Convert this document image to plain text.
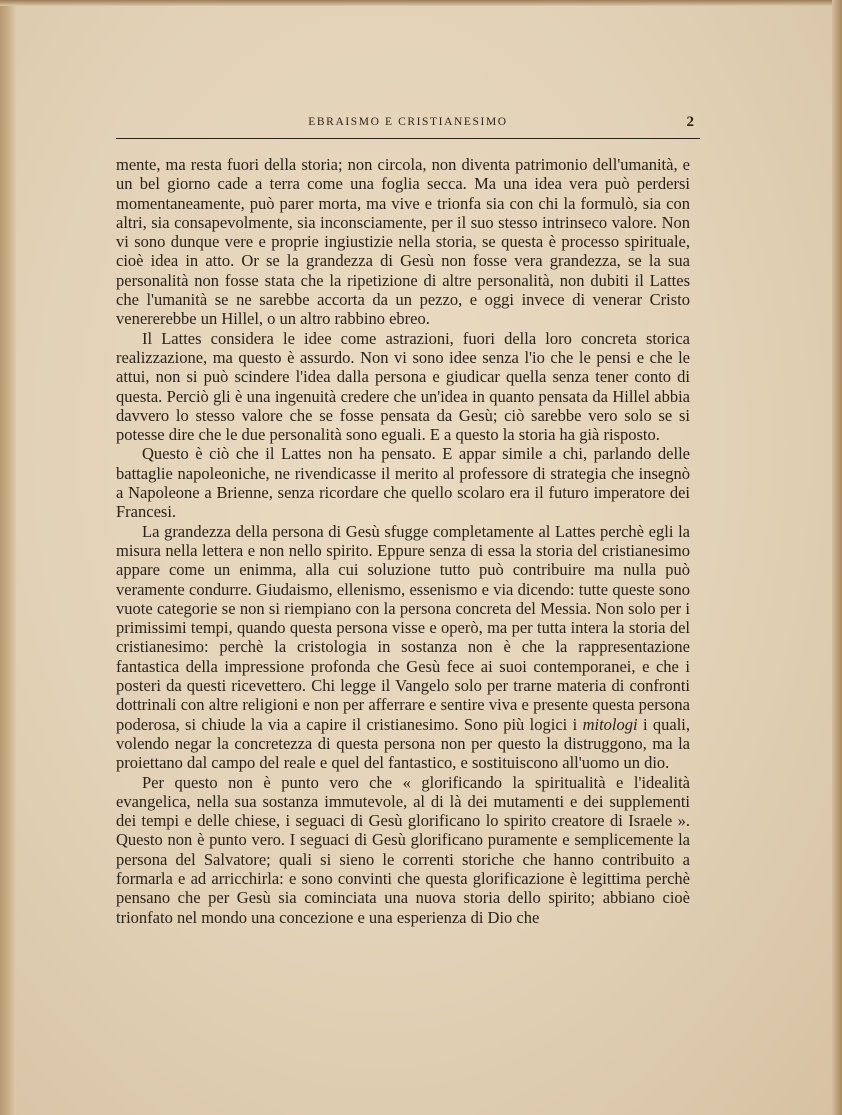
EBRAISMO E CRISTIANESIMO	2

mente, ma resta fuori della storia; non circola, non diventa patrimonio dell'umanità, e un bel giorno cade a terra come una foglia secca. Ma una idea vera può perdersi momentaneamente, può parer morta, ma vive e trionfa sia con chi la formulò, sia con altri, sia consapevolmente, sia inconsciamente, per il suo stesso intrinseco valore. Non vi sono dunque vere e proprie ingiustizie nella storia, se questa è processo spirituale, cioè idea in atto. Or se la grandezza di Gesù non fosse vera grandezza, se la sua personalità non fosse stata che la ripetizione di altre personalità, non dubiti il Lattes che l'umanità se ne sarebbe accorta da un pezzo, e oggi invece di venerar Cristo venererebbe un Hillel, o un altro rabbino ebreo.

Il Lattes considera le idee come astrazioni, fuori della loro concreta storica realizzazione, ma questo è assurdo. Non vi sono idee senza l'io che le pensi e che le attui, non si può scindere l'idea dalla persona e giudicar quella senza tener conto di questa. Perciò gli è una ingenuità credere che un'idea in quanto pensata da Hillel abbia davvero lo stesso valore che se fosse pensata da Gesù; ciò sarebbe vero solo se si potesse dire che le due personalità sono eguali. E a questo la storia ha già risposto.

Questo è ciò che il Lattes non ha pensato. E appar simile a chi, parlando delle battaglie napoleoniche, ne rivendicasse il merito al professore di strategia che insegnò a Napoleone a Brienne, senza ricordare che quello scolaro era il futuro imperatore dei Francesi.

La grandezza della persona di Gesù sfugge completamente al Lattes perchè egli la misura nella lettera e non nello spirito. Eppure senza di essa la storia del cristianesimo appare come un enimma, alla cui soluzione tutto può contribuire ma nulla può veramente condurre. Giudaismo, ellenismo, essenismo e via dicendo: tutte queste sono vuote categorie se non si riempiano con la persona concreta del Messia. Non solo per i primissimi tempi, quando questa persona visse e operò, ma per tutta intera la storia del cristianesimo: perchè la cristologia in sostanza non è che la rappresentazione fantastica della impressione profonda che Gesù fece ai suoi contemporanei, e che i posteri da questi ricevettero. Chi legge il Vangelo solo per trarne materia di confronti dottrinali con altre religioni e non per afferrare e sentire viva e presente questa persona poderosa, si chiude la via a capire il cristianesimo. Sono più logici i mitologi i quali, volendo negar la concretezza di questa persona non per questo la distruggono, ma la proiettano dal campo del reale e quel del fantastico, e sostituiscono all'uomo un dio.

Per questo non è punto vero che « glorificando la spiritualità e l'idealità evangelica, nella sua sostanza immutevole, al di là dei mutamenti e dei supplementi dei tempi e delle chiese, i seguaci di Gesù glorificano lo spirito creatore di Israele ». Questo non è punto vero. I seguaci di Gesù glorificano puramente e semplicemente la persona del Salvatore; quali si sieno le correnti storiche che hanno contribuito a formarla e ad arricchirla: e sono convinti che questa glorificazione è legittima perchè pensano che per Gesù sia cominciata una nuova storia dello spirito; abbiano cioè trionfato nel mondo una concezione e una esperienza di Dio che
